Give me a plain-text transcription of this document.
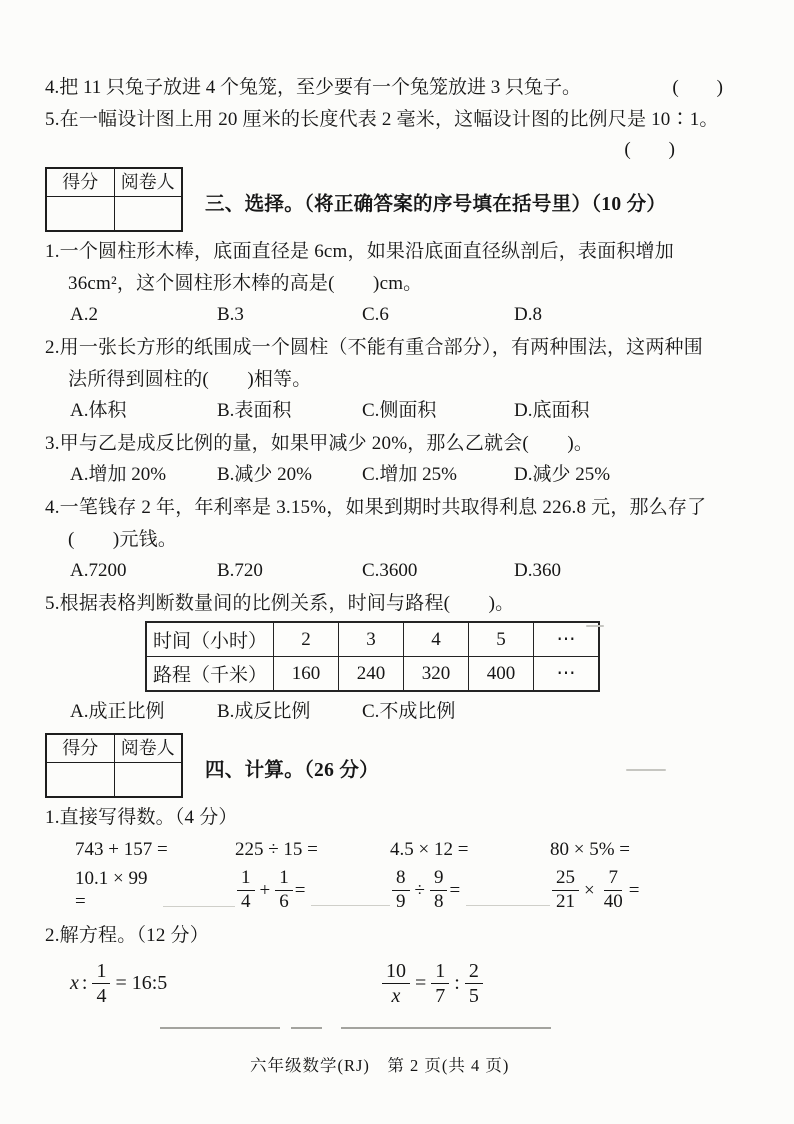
4.把 11 只兔子放进 4 个兔笼，至少要有一个兔笼放进 3 只兔子。	(　　)
5.在一幅设计图上用 20 厘米的长度代表 2 毫米，这幅设计图的比例尺是 10∶1。
(　　)
得分	阅卷人
三、选择。（将正确答案的序号填在括号里）（10 分）
1.一个圆柱形木棒，底面直径是 6cm，如果沿底面直径纵剖后，表面积增加
36cm²，这个圆柱形木棒的高是(　　)cm。
A.2	B.3	C.6	D.8
2.用一张长方形的纸围成一个圆柱（不能有重合部分），有两种围法，这两种围
法所得到圆柱的(　　)相等。
A.体积	B.表面积	C.侧面积	D.底面积
3.甲与乙是成反比例的量，如果甲减少 20%，那么乙就会(　　)。
A.增加 20%	B.减少 20%	C.增加 25%	D.减少 25%
4.一笔钱存 2 年，年利率是 3.15%，如果到期时共取得利息 226.8 元，那么存了
(　　)元钱。
A.7200	B.720	C.3600	D.360
5.根据表格判断数量间的比例关系，时间与路程(　　)。
时间（小时）	2	3	4	5	⋯
路程（千米）	160	240	320	400	⋯
A.成正比例	B.成反比例	C.不成比例
得分	阅卷人
四、计算。（26 分）
1.直接写得数。（4 分）
743 + 157 =	225 ÷ 15 =	4.5 × 12 =	80 × 5% =
10.1 × 99 =	$\frac{1}{4} + \frac{1}{6}$ =	$\frac{8}{9} \div \frac{9}{8}$ =	$\frac{25}{21} \times \frac{7}{40}$ =
2.解方程。（12 分）
x : $\frac{1}{4}$ = 16:5	$\frac{10}{x} = \frac{1}{7}$ : $\frac{2}{5}$
六年级数学(RJ)　第 2 页(共 4 页)
